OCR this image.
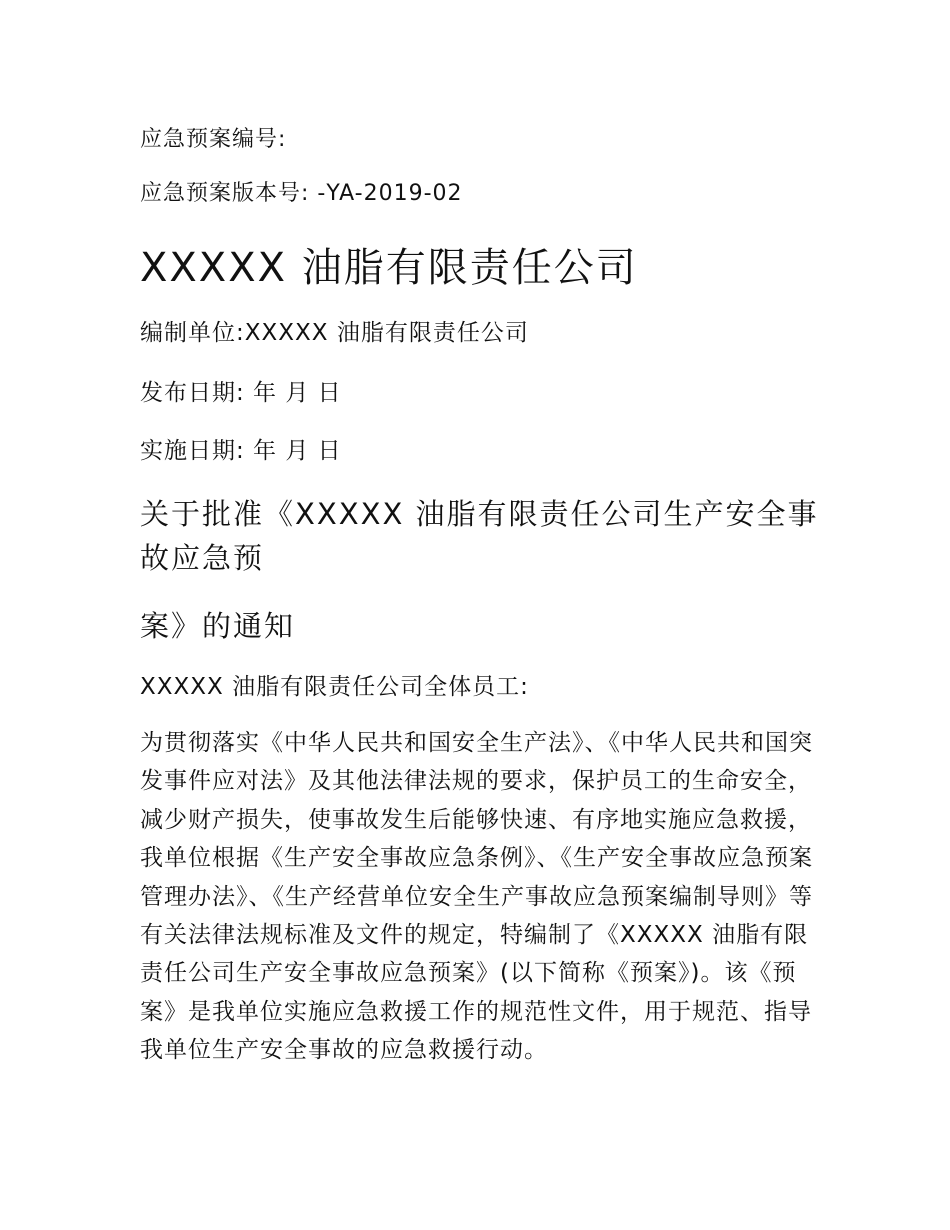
应急预案编号:

应急预案版本号: -YA-2019-02

XXXXX 油脂有限责任公司

编制单位:XXXXX 油脂有限责任公司

发布日期: 年 月 日

实施日期: 年 月 日

关于批准《XXXXX 油脂有限责任公司生产安全事故应急预
案》的通知

XXXXX 油脂有限责任公司全体员工:

为贯彻落实《中华人民共和国安全生产法》、《中华人民共和国突发事件应对法》及其他法律法规的要求，保护员工的生命安全，减少财产损失，使事故发生后能够快速、有序地实施应急救援，我单位根据《生产安全事故应急条例》、《生产安全事故应急预案管理办法》、《生产经营单位安全生产事故应急预案编制导则》等有关法律法规标准及文件的规定，特编制了《XXXXX 油脂有限责任公司生产安全事故应急预案》(以下简称《预案》)。该《预案》是我单位实施应急救援工作的规范性文件，用于规范、指导我单位生产安全事故的应急救援行动。
